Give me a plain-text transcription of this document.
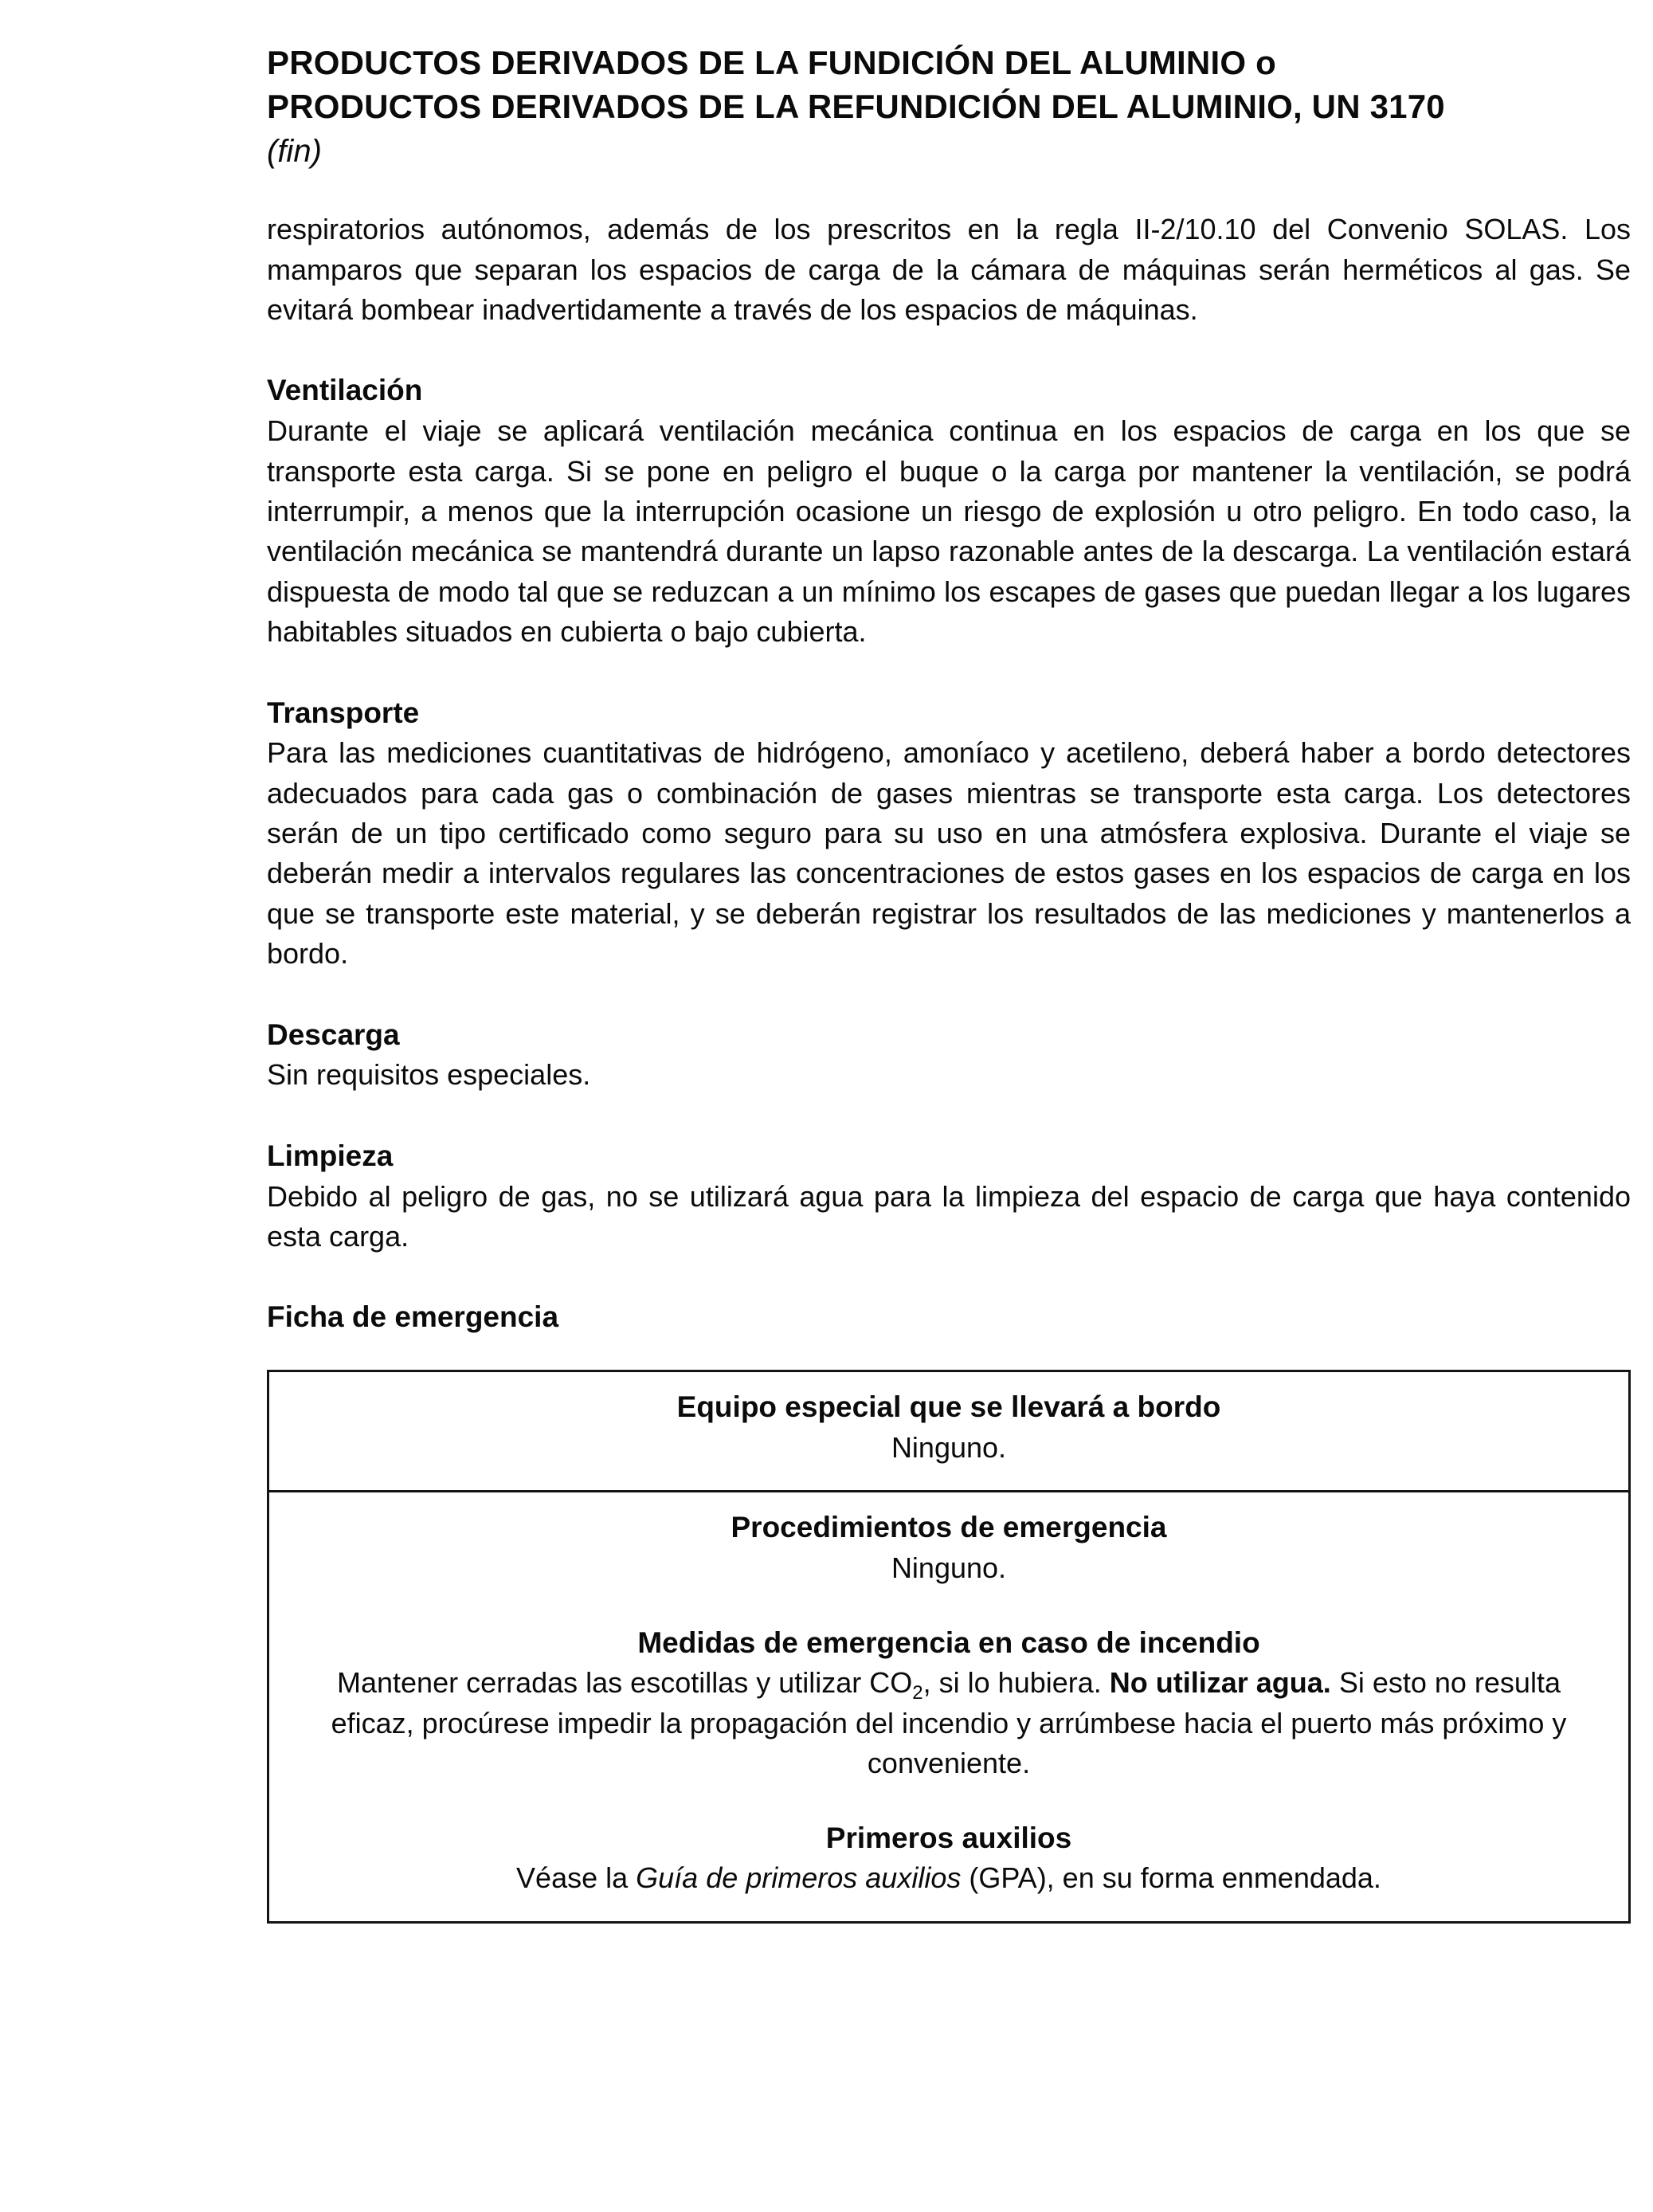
PRODUCTOS DERIVADOS DE LA FUNDICIÓN DEL ALUMINIO o
PRODUCTOS DERIVADOS DE LA REFUNDICIÓN DEL ALUMINIO, UN 3170
(fin)

respiratorios autónomos, además de los prescritos en la regla II-2/10.10 del Convenio SOLAS. Los mamparos que separan los espacios de carga de la cámara de máquinas serán herméticos al gas. Se evitará bombear inadvertidamente a través de los espacios de máquinas.

Ventilación

Durante el viaje se aplicará ventilación mecánica continua en los espacios de carga en los que se transporte esta carga. Si se pone en peligro el buque o la carga por mantener la ventilación, se podrá interrumpir, a menos que la interrupción ocasione un riesgo de explosión u otro peligro. En todo caso, la ventilación mecánica se mantendrá durante un lapso razonable antes de la descarga. La ventilación estará dispuesta de modo tal que se reduzcan a un mínimo los escapes de gases que puedan llegar a los lugares habitables situados en cubierta o bajo cubierta.

Transporte

Para las mediciones cuantitativas de hidrógeno, amoníaco y acetileno, deberá haber a bordo detectores adecuados para cada gas o combinación de gases mientras se transporte esta carga. Los detectores serán de un tipo certificado como seguro para su uso en una atmósfera explosiva. Durante el viaje se deberán medir a intervalos regulares las concentraciones de estos gases en los espacios de carga en los que se transporte este material, y se deberán registrar los resultados de las mediciones y mantenerlos a bordo.

Descarga

Sin requisitos especiales.

Limpieza

Debido al peligro de gas, no se utilizará agua para la limpieza del espacio de carga que haya contenido esta carga.

Ficha de emergencia
Equipo especial que se llevará a bordo

Ninguno.

Procedimientos de emergencia

Ninguno.

Medidas de emergencia en caso de incendio

Mantener cerradas las escotillas y utilizar $CO_2$, si lo hubiera. No utilizar agua. Si esto no resulta eficaz, procúrese impedir la propagación del incendio y arrúmbese hacia el puerto más próximo y conveniente.

Primeros auxilios

Véase la Guía de primeros auxilios (GPA), en su forma enmendada.
